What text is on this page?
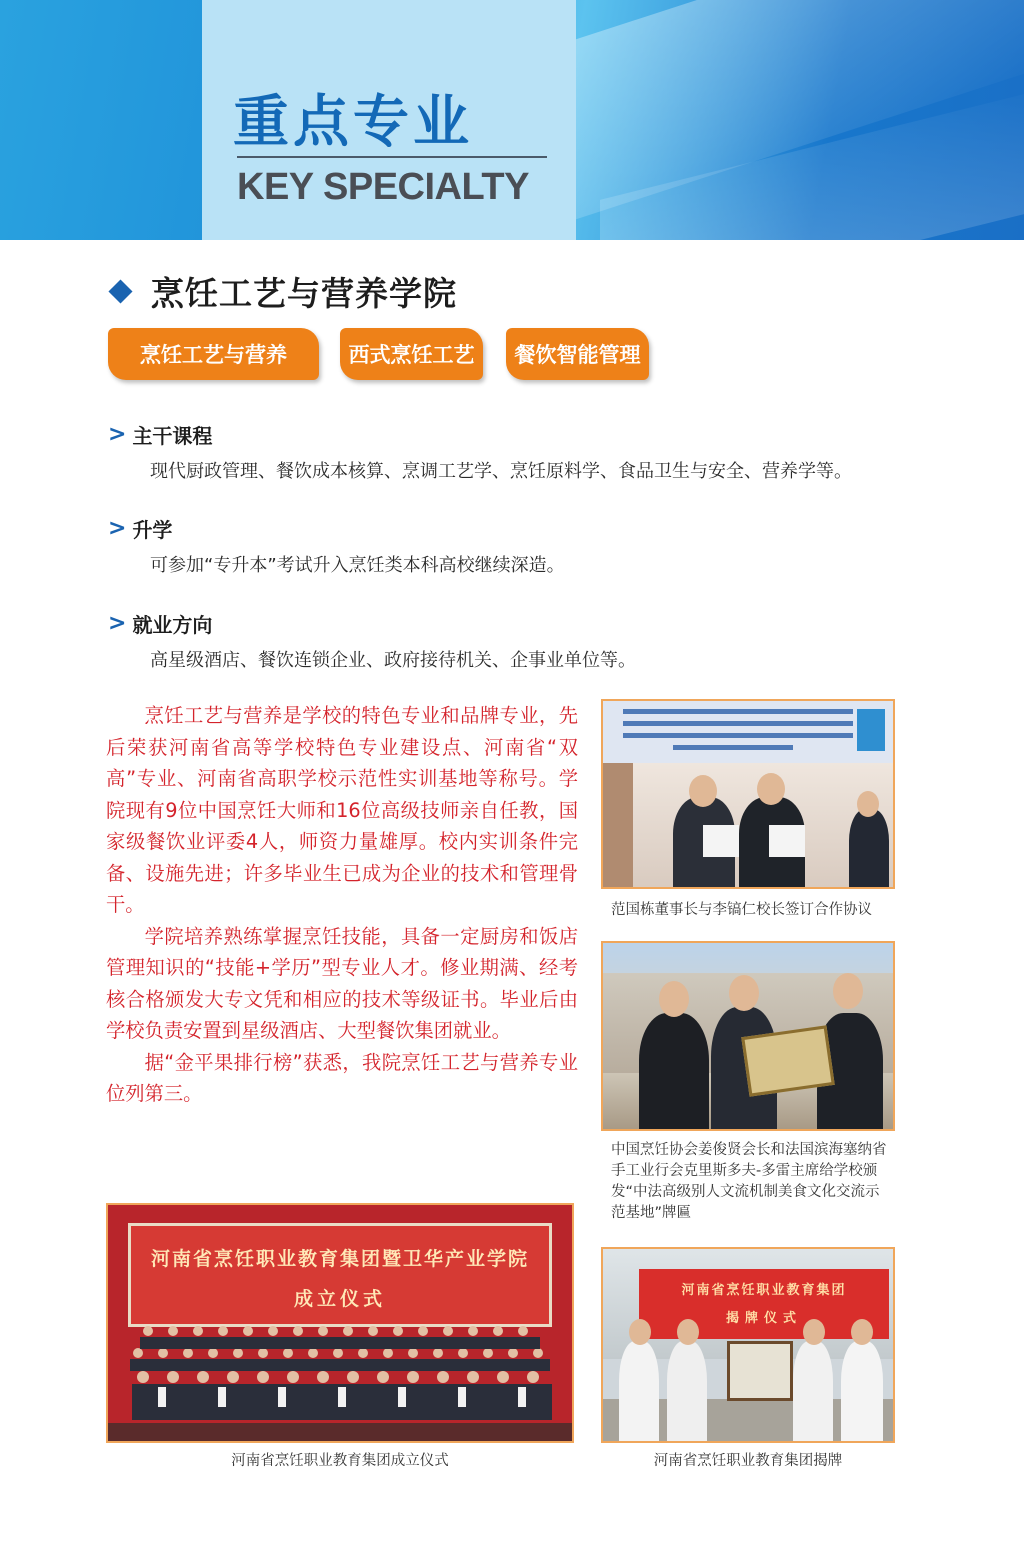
重点专业
KEY SPECIALTY
烹饪工艺与营养学院
烹饪工艺与营养	西式烹饪工艺	餐饮智能管理
> 主干课程
现代厨政管理、餐饮成本核算、烹调工艺学、烹饪原料学、食品卫生与安全、营养学等。
> 升学
可参加“专升本”考试升入烹饪类本科高校继续深造。
> 就业方向
高星级酒店、餐饮连锁企业、政府接待机关、企事业单位等。

烹饪工艺与营养是学校的特色专业和品牌专业，先后荣获河南省高等学校特色专业建设点、河南省“双高”专业、河南省高职学校示范性实训基地等称号。学院现有9位中国烹饪大师和16位高级技师亲自任教，国家级餐饮业评委4人，师资力量雄厚。校内实训条件完备、设施先进；许多毕业生已成为企业的技术和管理骨干。

学院培养熟练掌握烹饪技能，具备一定厨房和饭店管理知识的“技能+学历”型专业人才。修业期满、经考核合格颁发大专文凭和相应的技术等级证书。毕业后由学校负责安置到星级酒店、大型餐饮集团就业。

据“金平果排行榜”获悉，我院烹饪工艺与营养专业位列第三。

范国栋董事长与李镐仁校长签订合作协议
中国烹饪协会姜俊贤会长和法国滨海塞纳省手工业行会克里斯多夫-多雷主席给学校颁发“中法高级别人文流机制美食文化交流示范基地”牌匾
河南省烹饪职业教育集团暨卫华产业学院
成立仪式
河南省烹饪职业教育集团成立仪式
河南省烹饪职业教育集团
揭牌仪式
河南省烹饪职业教育集团揭牌
